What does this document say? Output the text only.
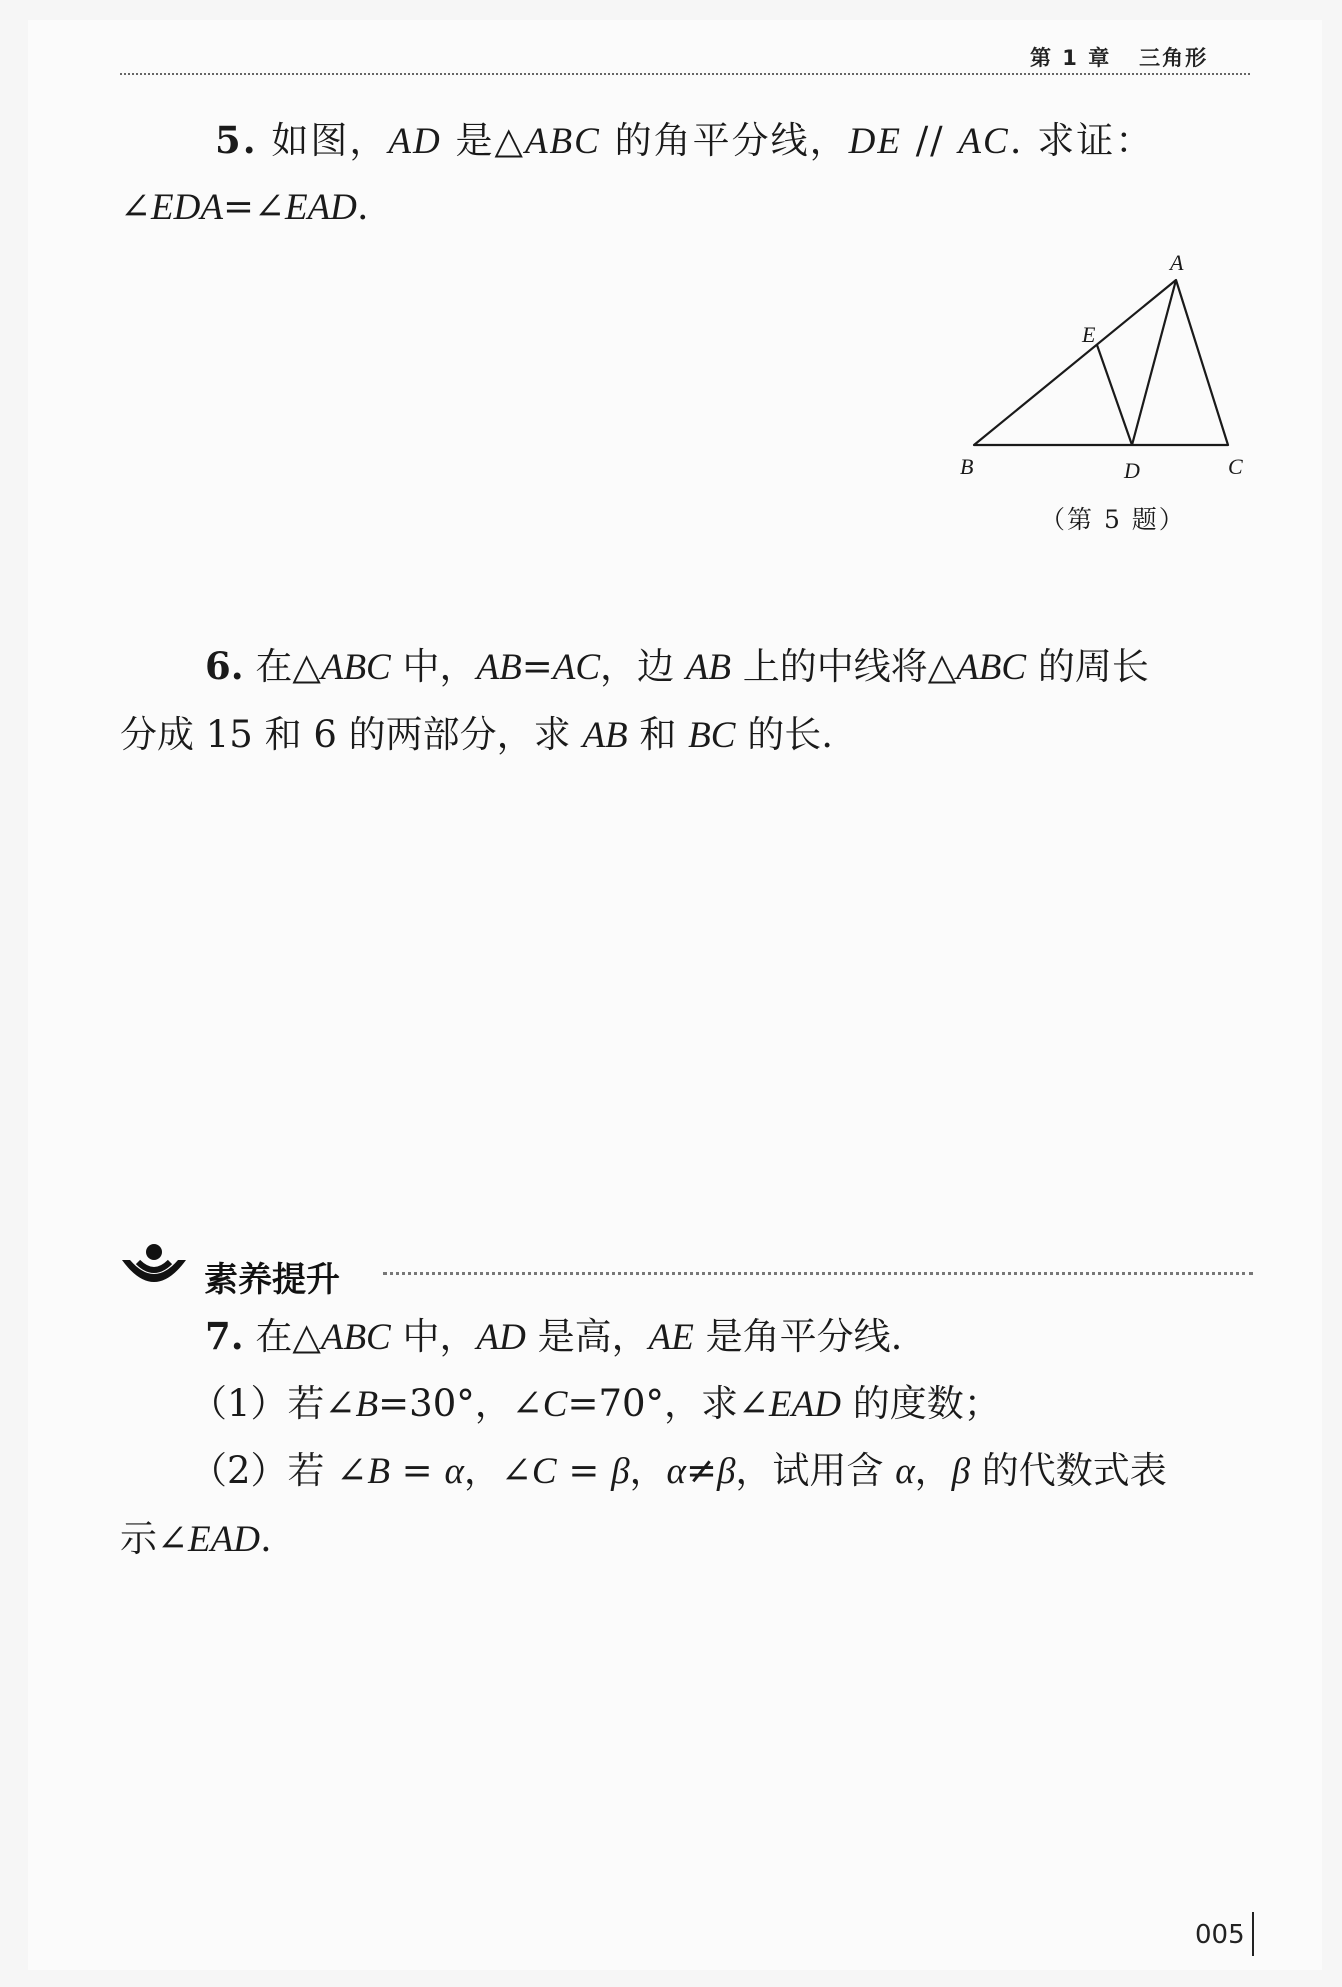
第 1 章   三角形
5. 如图，AD 是△ABC 的角平分线，DE // AC. 求证：
∠EDA=∠EAD.
A
E
B	D	C
（第 5 题）
6. 在△ABC 中，AB=AC，边 AB 上的中线将△ABC 的周长
分成 15 和 6 的两部分，求 AB 和 BC 的长.
素养提升
7. 在△ABC 中，AD 是高，AE 是角平分线.
（1）若∠B=30°，∠C=70°，求∠EAD 的度数；
（2）若 ∠B = α，∠C = β，α≠β，试用含 α，β 的代数式表
示∠EAD.
005
